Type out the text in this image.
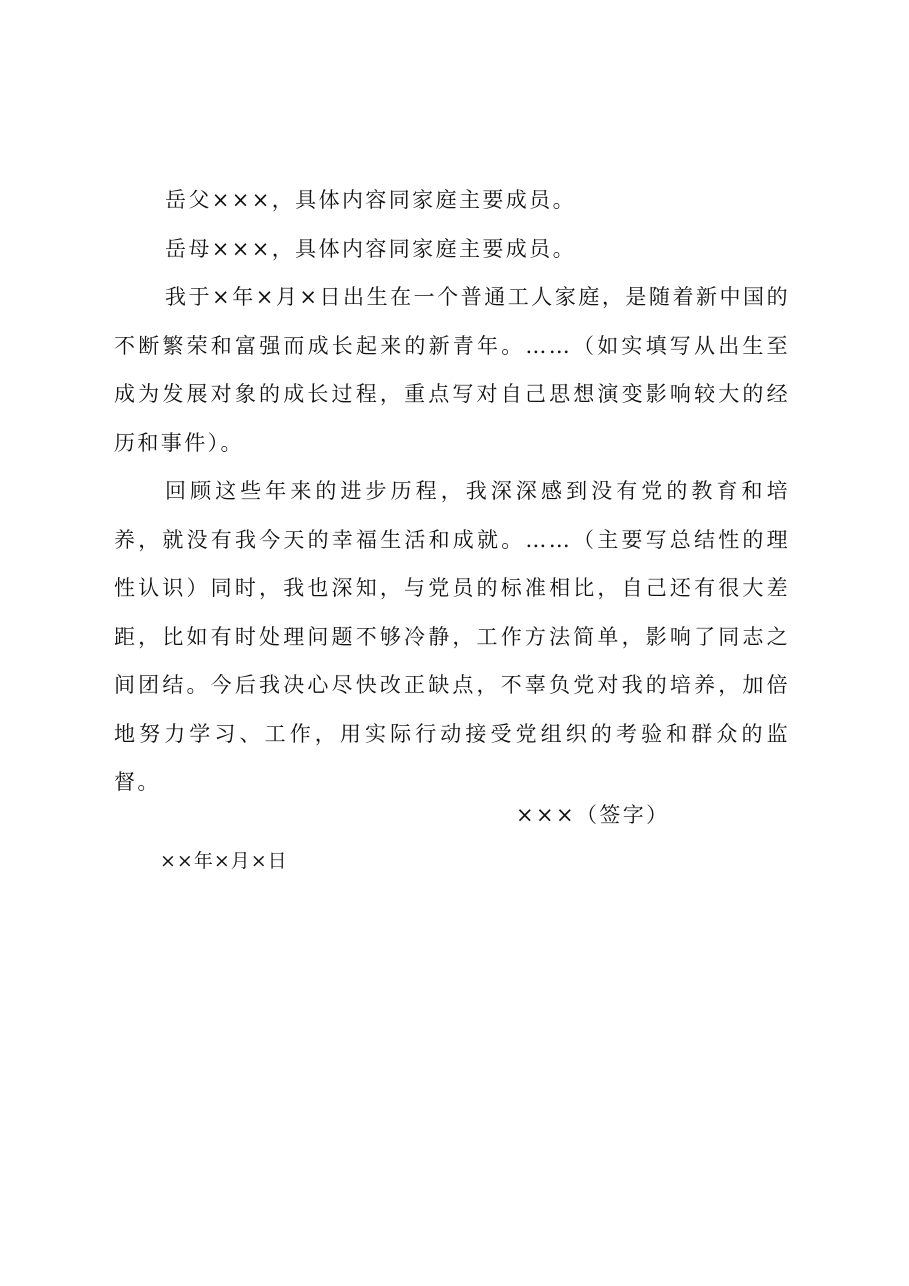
岳父×××，具体内容同家庭主要成员。

岳母×××，具体内容同家庭主要成员。

我于×年×月×日出生在一个普通工人家庭，是随着新中国的不断繁荣和富强而成长起来的新青年。……（如实填写从出生至成为发展对象的成长过程，重点写对自己思想演变影响较大的经历和事件）。

回顾这些年来的进步历程，我深深感到没有党的教育和培养，就没有我今天的幸福生活和成就。……（主要写总结性的理性认识）同时，我也深知，与党员的标准相比，自己还有很大差距，比如有时处理问题不够冷静，工作方法简单，影响了同志之间团结。今后我决心尽快改正缺点，不辜负党对我的培养，加倍地努力学习、工作，用实际行动接受党组织的考验和群众的监督。

×××（签字）
××年×月×日
